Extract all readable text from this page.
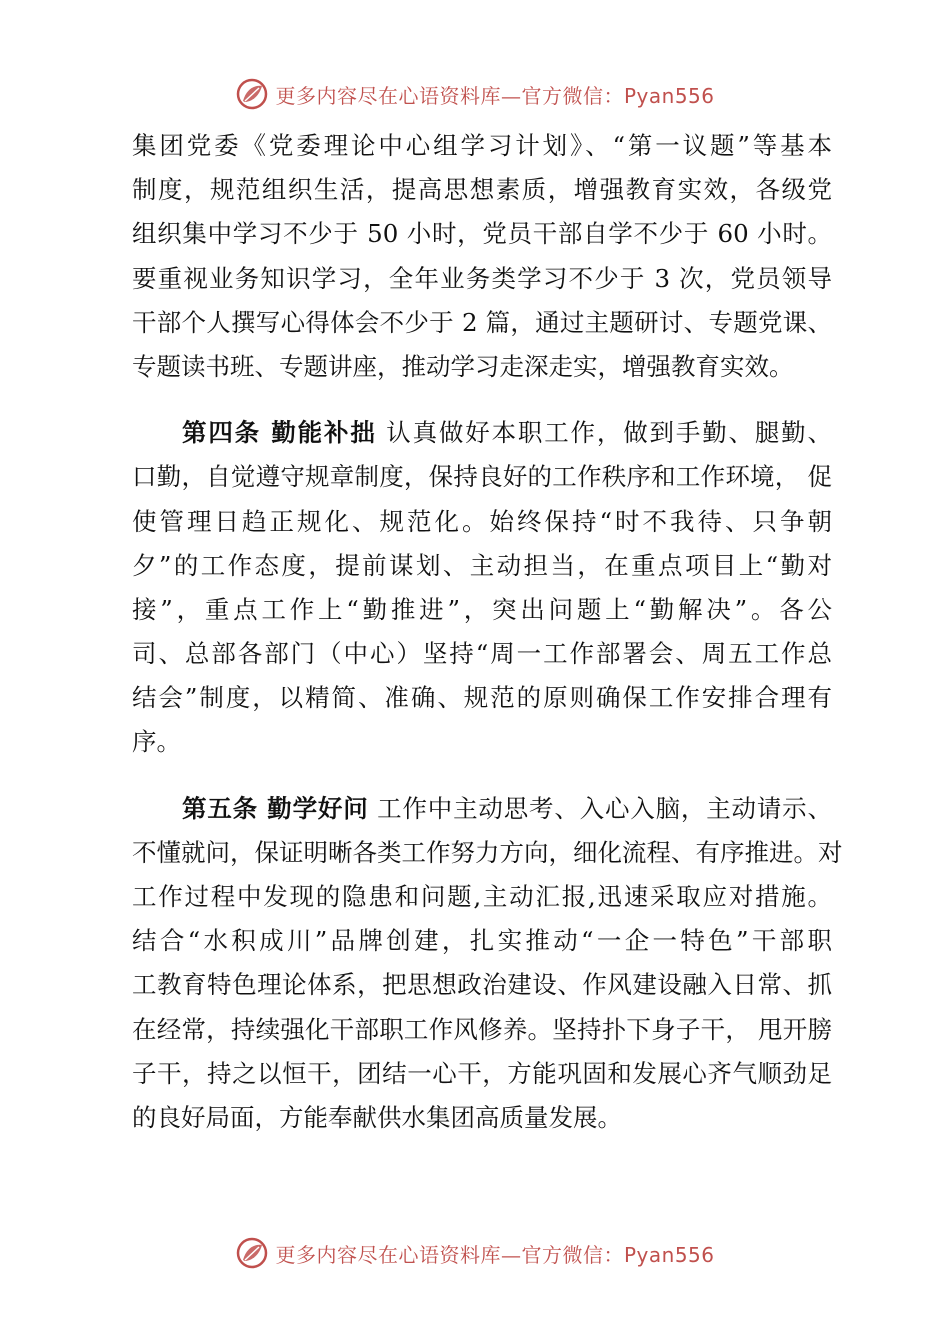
更多内容尽在心语资料库—官方微信：Pyan556
集团党委《党委理论中心组学习计划》、“第一议题”等基本
制度，规范组织生活，提高思想素质，增强教育实效，各级党
组织集中学习不少于 50 小时，党员干部自学不少于 60 小时。
要重视业务知识学习，全年业务类学习不少于 3 次，党员领导
干部个人撰写心得体会不少于 2 篇，通过主题研讨、专题党课、
专题读书班、专题讲座，推动学习走深走实，增强教育实效。
第四条 勤能补拙 认真做好本职工作，做到手勤、腿勤、
口勤，自觉遵守规章制度，保持良好的工作秩序和工作环境， 促
使管理日趋正规化、规范化。始终保持“时不我待、只争朝
夕”的工作态度，提前谋划、主动担当，在重点项目上“勤对
接”，重点工作上“勤推进”，突出问题上“勤解决”。各公
司、总部各部门（中心）坚持“周一工作部署会、周五工作总
结会”制度，以精简、准确、规范的原则确保工作安排合理有
序。
第五条 勤学好问 工作中主动思考、入心入脑，主动请示、
不懂就问，保证明晰各类工作努力方向，细化流程、有序推进。对
工作过程中发现的隐患和问题,主动汇报,迅速采取应对措施。
结合“水积成川”品牌创建，扎实推动“一企一特色”干部职
工教育特色理论体系，把思想政治建设、作风建设融入日常、抓
在经常，持续强化干部职工作风修养。坚持扑下身子干， 甩开膀
子干，持之以恒干，团结一心干，方能巩固和发展心齐气顺劲足
的良好局面，方能奉献供水集团高质量发展。
更多内容尽在心语资料库—官方微信：Pyan556
